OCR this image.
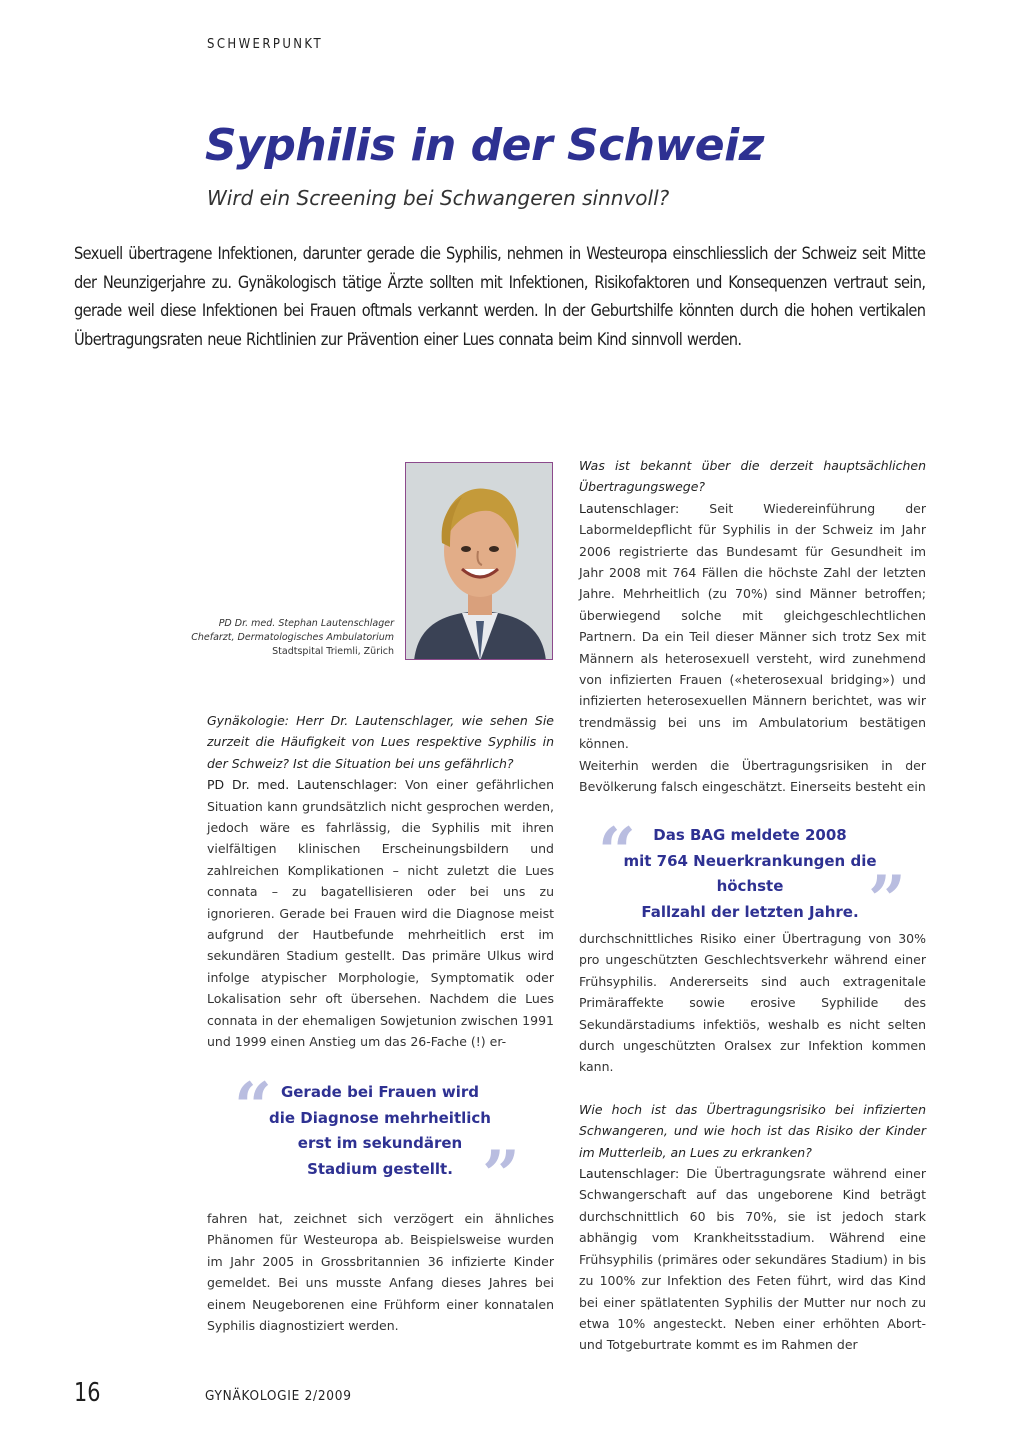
SCHWERPUNKT
Syphilis in der Schweiz
Wird ein Screening bei Schwangeren sinnvoll?

Sexuell übertragene Infektionen, darunter gerade die Syphilis, nehmen in Westeuropa einschliesslich der Schweiz seit Mitte der Neunzigerjahre zu. Gynäkologisch tätige Ärzte sollten mit Infektionen, Risikofaktoren und Konsequenzen vertraut sein, gerade weil diese Infektionen bei Frauen oftmals verkannt werden. In der Geburtshilfe könnten durch die hohen vertikalen Übertragungsraten neue Richtlinien zur Prävention einer Lues connata beim Kind sinnvoll werden.

PD Dr. med. Stephan Lautenschlager
Chefarzt, Dermatologisches Ambulatorium
Stadtspital Triemli, Zürich

Gynäkologie: Herr Dr. Lautenschlager, wie sehen Sie zurzeit die Häufigkeit von Lues respektive Syphilis in der Schweiz? Ist die Situation bei uns gefährlich?
PD Dr. med. Lautenschlager: Von einer gefährlichen Situation kann grundsätzlich nicht gesprochen werden, jedoch wäre es fahrlässig, die Syphilis mit ihren vielfältigen klinischen Erscheinungsbildern und zahlreichen Komplikationen – nicht zuletzt die Lues connata – zu bagatellisieren oder bei uns zu ignorieren. Gerade bei Frauen wird die Diagnose meist aufgrund der Hautbefunde mehrheitlich erst im sekundären Stadium gestellt. Das primäre Ulkus wird infolge atypischer Morphologie, Symptomatik oder Lokalisation sehr oft übersehen. Nachdem die Lues connata in der ehemaligen Sowjetunion zwischen 1991 und 1999 einen Anstieg um das 26-Fache (!) er-

“ Gerade bei Frauen wird
die Diagnose mehrheitlich
erst im sekundären
Stadium gestellt. ”

fahren hat, zeichnet sich verzögert ein ähnliches Phänomen für Westeuropa ab. Beispielsweise wurden im Jahr 2005 in Grossbritannien 36 infizierte Kinder gemeldet. Bei uns musste Anfang dieses Jahres bei einem Neugeborenen eine Frühform einer konnatalen Syphilis diagnostiziert werden.

Was ist bekannt über die derzeit hauptsächlichen Übertragungswege?
Lautenschlager: Seit Wiedereinführung der Labormeldepflicht für Syphilis in der Schweiz im Jahr 2006 registrierte das Bundesamt für Gesundheit im Jahr 2008 mit 764 Fällen die höchste Zahl der letzten Jahre. Mehrheitlich (zu 70%) sind Männer betroffen; überwiegend solche mit gleichgeschlechtlichen Partnern. Da ein Teil dieser Männer sich trotz Sex mit Männern als heterosexuell versteht, wird zunehmend von infizierten Frauen («heterosexual bridging») und infizierten heterosexuellen Männern berichtet, was wir trendmässig bei uns im Ambulatorium bestätigen können.
Weiterhin werden die Übertragungsrisiken in der Bevölkerung falsch eingeschätzt. Einerseits besteht ein

“	Das BAG meldete 2008
mit 764 Neuerkrankungen die höchste
Fallzahl der letzten Jahre. ”

durchschnittliches Risiko einer Übertragung von 30% pro ungeschützten Geschlechtsverkehr während einer Frühsyphilis. Andererseits sind auch extragenitale Primäraffekte sowie erosive Syphilide des Sekundärstadiums infektiös, weshalb es nicht selten durch ungeschützten Oralsex zur Infektion kommen kann.

Wie hoch ist das Übertragungsrisiko bei infizierten Schwangeren, und wie hoch ist das Risiko der Kinder im Mutterleib, an Lues zu erkranken?
Lautenschlager: Die Übertragungsrate während einer Schwangerschaft auf das ungeborene Kind beträgt durchschnittlich 60 bis 70%, sie ist jedoch stark abhängig vom Krankheitsstadium. Während eine Frühsyphilis (primäres oder sekundäres Stadium) in bis zu 100% zur Infektion des Feten führt, wird das Kind bei einer spätlatenten Syphilis der Mutter nur noch zu etwa 10% angesteckt. Neben einer erhöhten Abort- und Totgeburtrate kommt es im Rahmen der

16	GYNÄKOLOGIE 2/2009
